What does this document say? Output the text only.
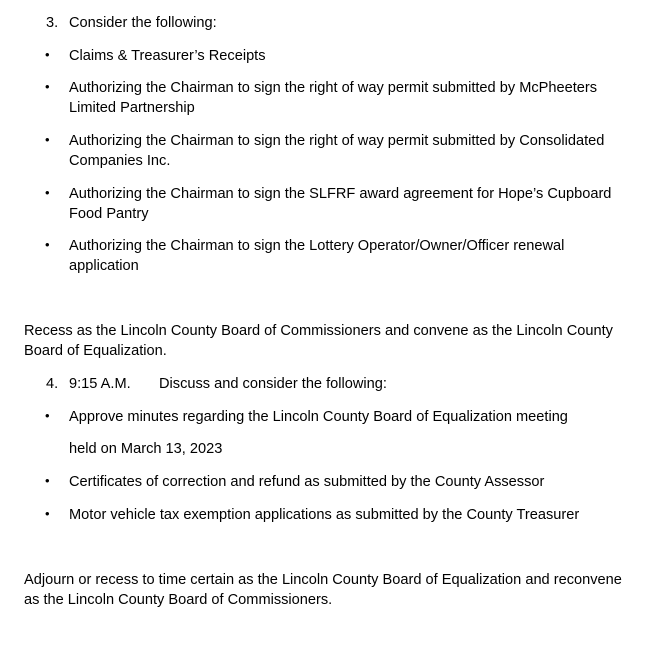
3. Consider the following:
• Claims & Treasurer’s Receipts
• Authorizing the Chairman to sign the right of way permit submitted by McPheeters
Limited Partnership
• Authorizing the Chairman to sign the right of way permit submitted by Consolidated
Companies Inc.
• Authorizing the Chairman to sign the SLFRF award agreement for Hope’s Cupboard
Food Pantry
• Authorizing the Chairman to sign the Lottery Operator/Owner/Officer renewal
application
Recess as the Lincoln County Board of Commissioners and convene as the Lincoln County
Board of Equalization.
4. 9:15 A.M. Discuss and consider the following:
• Approve minutes regarding the Lincoln County Board of Equalization meeting
held on March 13, 2023
• Certificates of correction and refund as submitted by the County Assessor
• Motor vehicle tax exemption applications as submitted by the County Treasurer
Adjourn or recess to time certain as the Lincoln County Board of Equalization and reconvene
as the Lincoln County Board of Commissioners.
